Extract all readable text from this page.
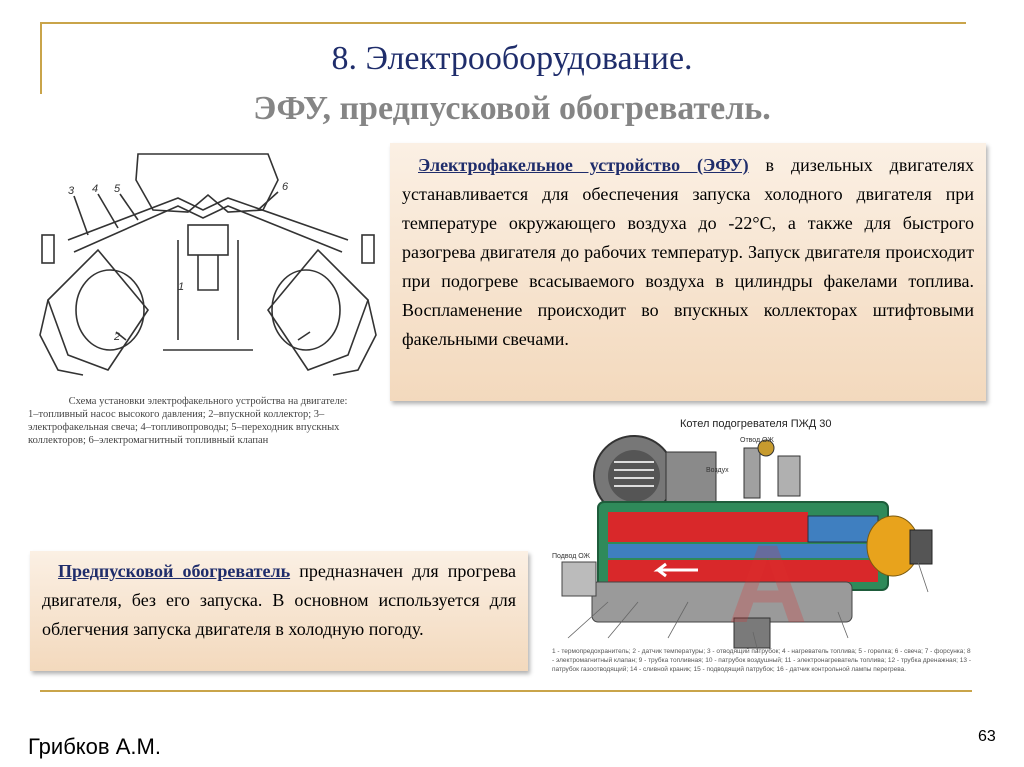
8. Электрооборудование.
ЭФУ, предпусковой обогреватель.
3 4 5	6
1
2
Схема установки электрофакельного устройства на двигателе:
1–топливный насос высокого давления; 2–впускной коллектор; 3–электрофакельная свеча; 4–топливопроводы; 5–переходник впускных коллекторов; 6–электромагнитный топливный клапан
Электрофакельное устройство (ЭФУ) в дизельных двигателях устанавливается для обеспечения запуска холодного двигателя при температуре окружающего воздуха до -22°С, а также для быстрого разогрева двигателя до рабочих температур. Запуск двигателя происходит при подогреве всасываемого воздуха в цилиндры факелами топлива. Воспламенение происходит во впускных коллекторах штифтовыми факельными свечами.
Предпусковой обогреватель предназначен для прогрева двигателя, без его запуска. В основном используется для облегчения запуска двигателя в холодную погоду.	A
Воздух
Отвод ОЖ
Подвод ОЖ
Котел подогревателя ПЖД 30
1 - термопредохранитель; 2 - датчик температуры; 3 - отводящий патрубок; 4 - нагреватель топлива; 5 - горелка; 6 - свеча; 7 - форсунка; 8 - электромагнитный клапан; 9 - трубка топливная; 10 - патрубок воздушный; 11 - электронагреватель топлива; 12 - трубка дренажная; 13 - патрубок газоотводящий; 14 - сливной краник; 15 - подводящий патрубок; 16 - датчик контрольной лампы перегрева.
Грибков А.М.	63
